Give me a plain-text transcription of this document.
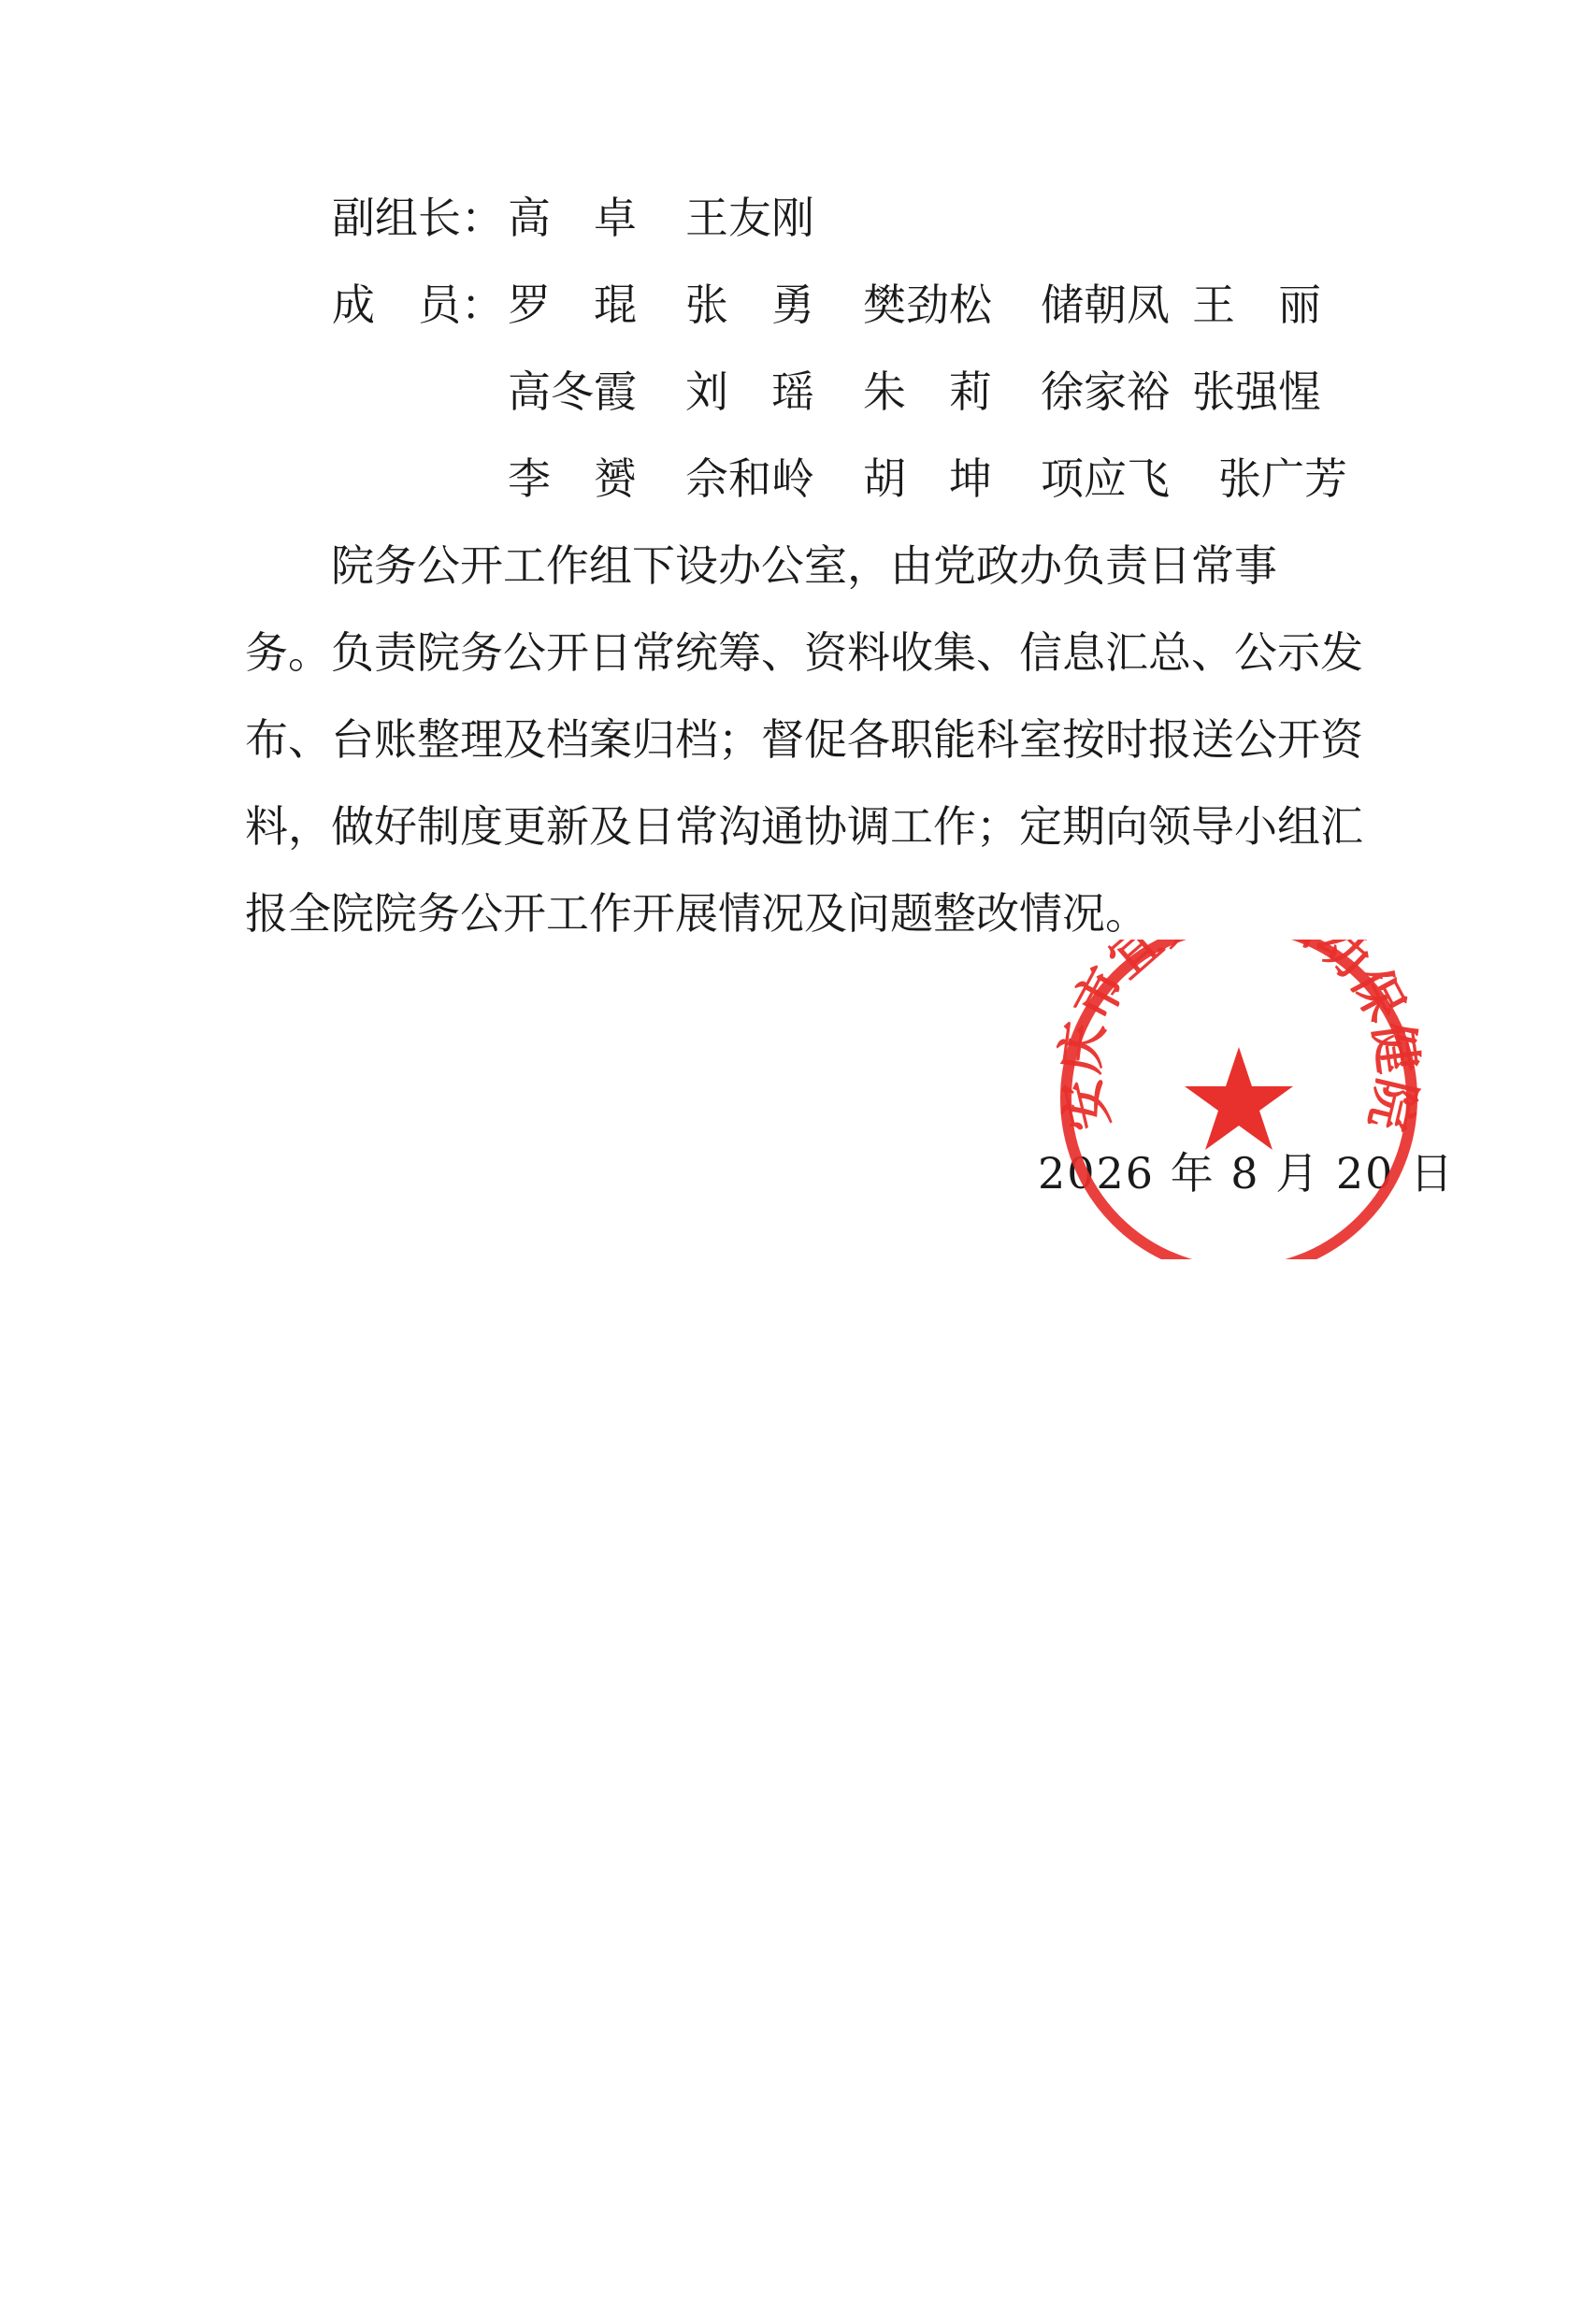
副组长： 高　卓 王友刚
成　员： 罗　琨 张　勇 樊劲松 储朝凤 王　丽
高冬霞 刘　瑶 朱　莉 徐家裕 张强惺
李　赟 佘和岭 胡　坤 项应飞 张广芳
　　院务公开工作组下设办公室，由党政办负责日常事
务。负责院务公开日常统筹、资料收集、信息汇总、公示发
布、台账整理及档案归档；督促各职能科室按时报送公开资
料，做好制度更新及日常沟通协调工作；定期向领导小组汇
报全院院务公开工作开展情况及问题整改情况。
2026 年 8 月 20 日
安庆市宜 幼保健院
